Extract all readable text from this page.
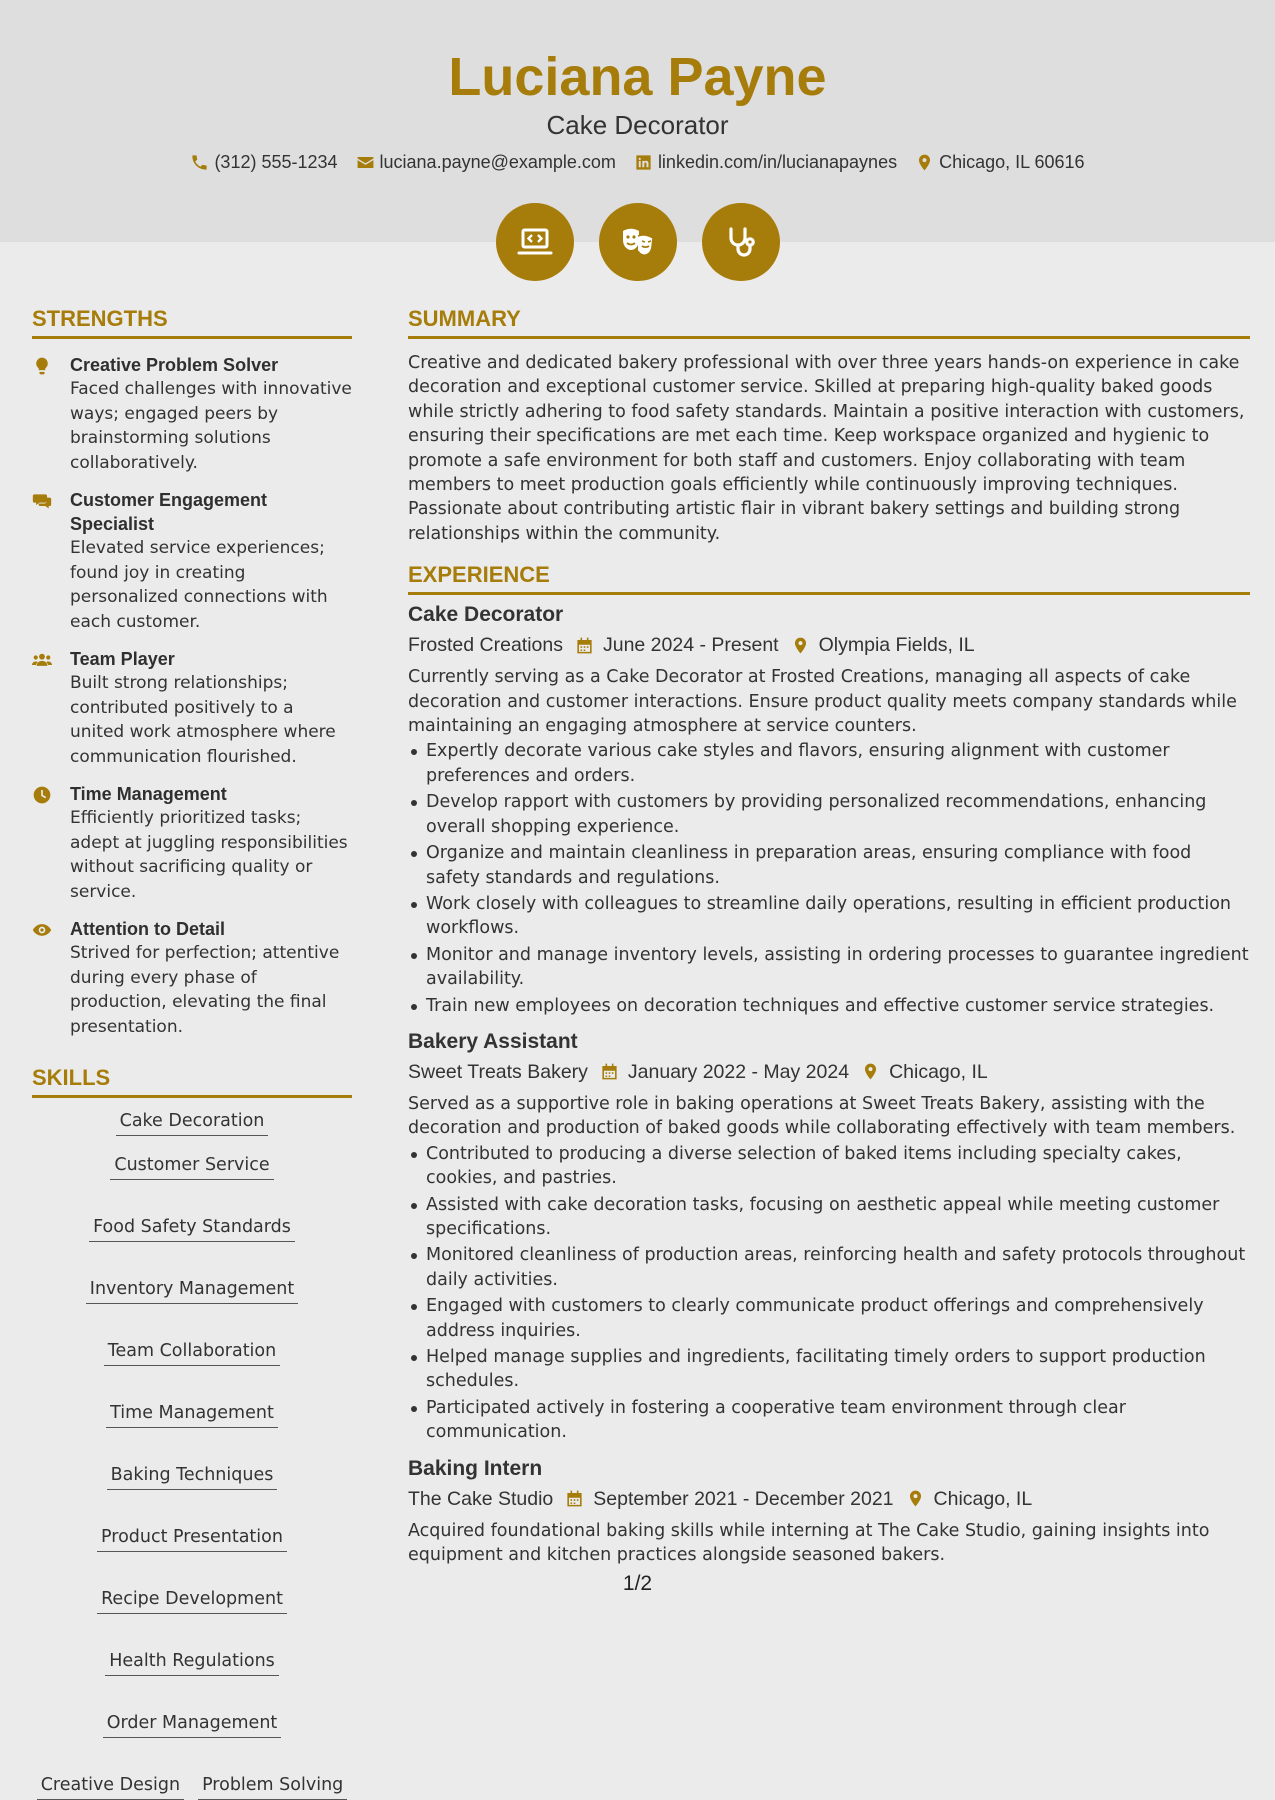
Luciana Payne
Cake Decorator
(312) 555-1234 luciana.payne@example.com linkedin.com/in/lucianapaynes Chicago, IL 60616
STRENGTHS
Creative Problem Solver
Faced challenges with innovative ways; engaged peers by brainstorming solutions collaboratively.
Customer Engagement Specialist
Elevated service experiences; found joy in creating personalized connections with each customer.
Team Player
Built strong relationships; contributed positively to a united work atmosphere where communication flourished.
Time Management
Efficiently prioritized tasks; adept at juggling responsibilities without sacrificing quality or service.
Attention to Detail
Strived for perfection; attentive during every phase of production, elevating the final presentation.
SKILLS
Cake Decoration
Customer Service
Food Safety Standards
Inventory Management
Team Collaboration
Time Management
Baking Techniques
Product Presentation
Recipe Development
Health Regulations
Order Management
Creative Design Problem Solving
SUMMARY
Creative and dedicated bakery professional with over three years hands-on experience in cake decoration and exceptional customer service. Skilled at preparing high-quality baked goods while strictly adhering to food safety standards. Maintain a positive interaction with customers, ensuring their specifications are met each time. Keep workspace organized and hygienic to promote a safe environment for both staff and customers. Enjoy collaborating with team members to meet production goals efficiently while continuously improving techniques. Passionate about contributing artistic flair in vibrant bakery settings and building strong relationships within the community.
EXPERIENCE
Cake Decorator
Frosted Creations June 2024 - Present Olympia Fields, IL
Currently serving as a Cake Decorator at Frosted Creations, managing all aspects of cake decoration and customer interactions. Ensure product quality meets company standards while maintaining an engaging atmosphere at service counters.
Expertly decorate various cake styles and flavors, ensuring alignment with customer preferences and orders.
Develop rapport with customers by providing personalized recommendations, enhancing overall shopping experience.
Organize and maintain cleanliness in preparation areas, ensuring compliance with food safety standards and regulations.
Work closely with colleagues to streamline daily operations, resulting in efficient production workflows.
Monitor and manage inventory levels, assisting in ordering processes to guarantee ingredient availability.
Train new employees on decoration techniques and effective customer service strategies.
Bakery Assistant
Sweet Treats Bakery January 2022 - May 2024 Chicago, IL
Served as a supportive role in baking operations at Sweet Treats Bakery, assisting with the decoration and production of baked goods while collaborating effectively with team members.
Contributed to producing a diverse selection of baked items including specialty cakes, cookies, and pastries.
Assisted with cake decoration tasks, focusing on aesthetic appeal while meeting customer specifications.
Monitored cleanliness of production areas, reinforcing health and safety protocols throughout daily activities.
Engaged with customers to clearly communicate product offerings and comprehensively address inquiries.
Helped manage supplies and ingredients, facilitating timely orders to support production schedules.
Participated actively in fostering a cooperative team environment through clear communication.
Baking Intern
The Cake Studio September 2021 - December 2021 Chicago, IL
Acquired foundational baking skills while interning at The Cake Studio, gaining insights into equipment and kitchen practices alongside seasoned bakers.
1/2
